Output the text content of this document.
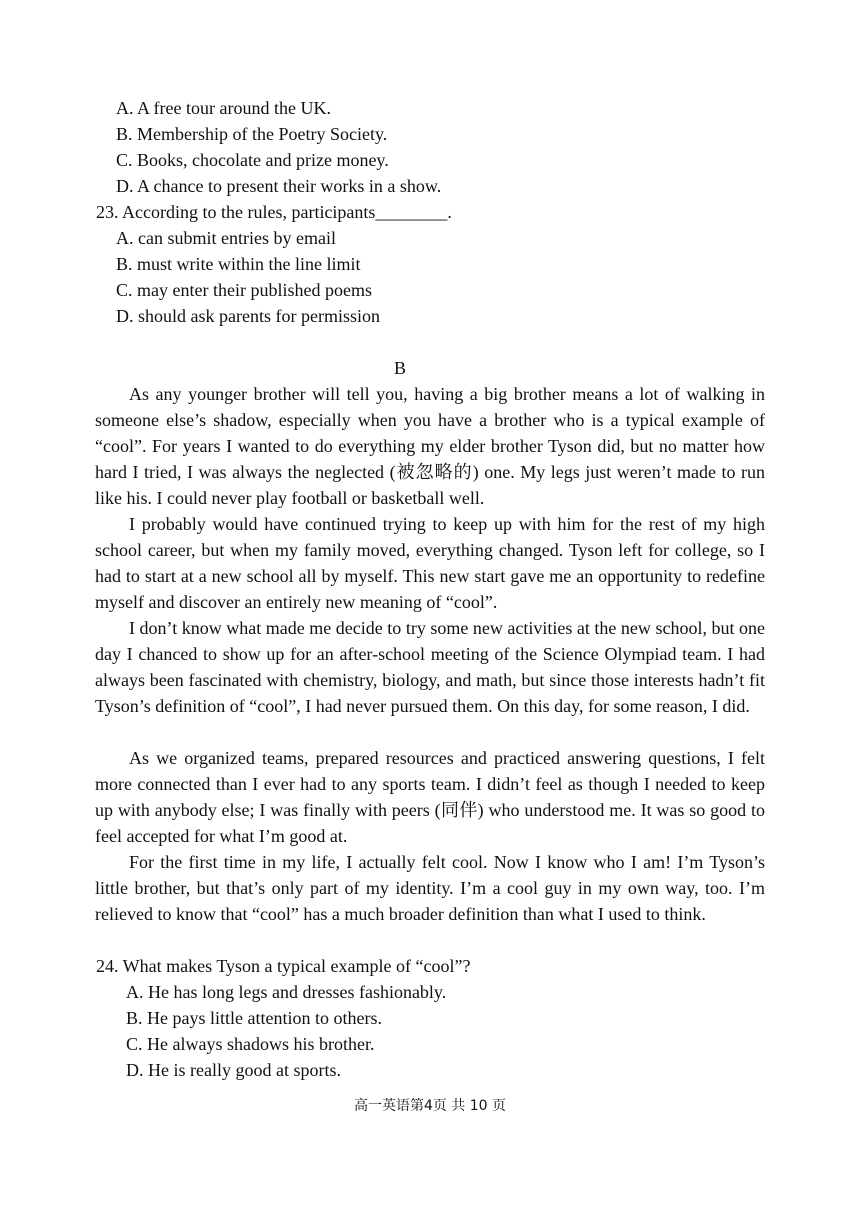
A. A free tour around the UK.
B. Membership of the Poetry Society.
C. Books, chocolate and prize money.
D. A chance to present their works in a show.
23. According to the rules, participants________.
A. can submit entries by email
B. must write within the line limit
C. may enter their published poems
D. should ask parents for permission
B
As any younger brother will tell you, having a big brother means a lot of walking in someone else’s shadow, especially when you have a brother who is a typical example of “cool”. For years I wanted to do everything my elder brother Tyson did, but no matter how hard I tried, I was always the neglected (被忽略的) one. My legs just weren’t made to run like his. I could never play football or basketball well.
I probably would have continued trying to keep up with him for the rest of my high school career, but when my family moved, everything changed. Tyson left for college, so I had to start at a new school all by myself. This new start gave me an opportunity to redefine myself and discover an entirely new meaning of “cool”.
I don’t know what made me decide to try some new activities at the new school, but one day I chanced to show up for an after-school meeting of the Science Olympiad team. I had always been fascinated with chemistry, biology, and math, but since those interests hadn’t fit Tyson’s definition of “cool”, I had never pursued them. On this day, for some reason, I did.
As we organized teams, prepared resources and practiced answering questions, I felt more connected than I ever had to any sports team. I didn’t feel as though I needed to keep up with anybody else; I was finally with peers (同伴) who understood me. It was so good to feel accepted for what I’m good at.
For the first time in my life, I actually felt cool. Now I know who I am! I’m Tyson’s little brother, but that’s only part of my identity. I’m a cool guy in my own way, too. I’m relieved to know that “cool” has a much broader definition than what I used to think.
24. What makes Tyson a typical example of “cool”?
A. He has long legs and dresses fashionably.
B. He pays little attention to others.
C. He always shadows his brother.
D. He is really good at sports.
高一英语第4页 共 10 页
